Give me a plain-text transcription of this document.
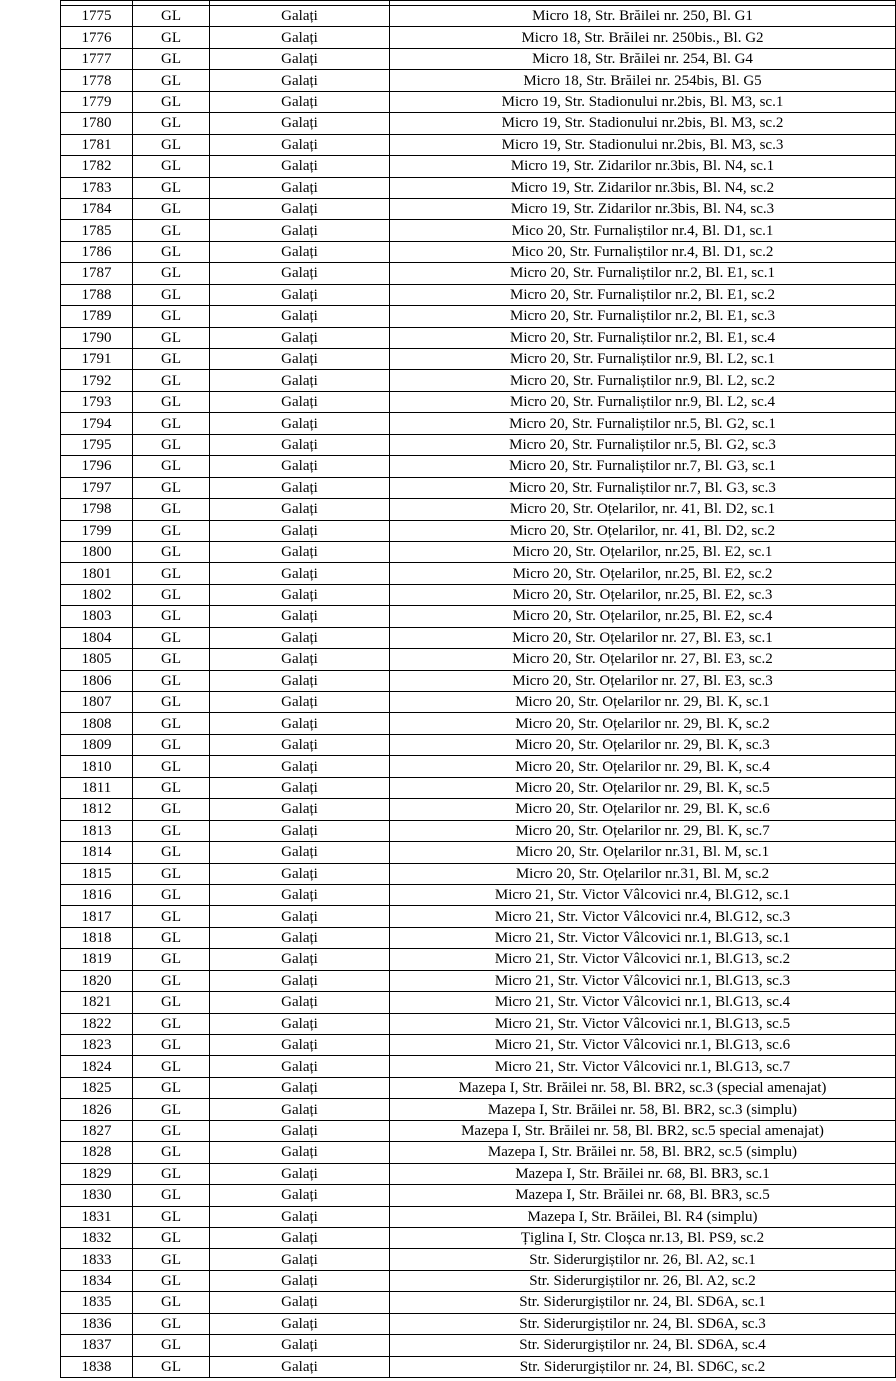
1775	GL	Galați	Micro 18, Str. Brăilei nr. 250, Bl. G1
1776	GL	Galați	Micro 18, Str. Brăilei nr. 250bis., Bl. G2
1777	GL	Galați	Micro 18, Str. Brăilei nr. 254, Bl. G4
1778	GL	Galați	Micro 18, Str. Brăilei nr. 254bis, Bl. G5
1779	GL	Galați	Micro 19, Str. Stadionului nr.2bis, Bl. M3, sc.1
1780	GL	Galați	Micro 19, Str. Stadionului nr.2bis, Bl. M3, sc.2
1781	GL	Galați	Micro 19, Str. Stadionului nr.2bis, Bl. M3, sc.3
1782	GL	Galați	Micro 19, Str. Zidarilor nr.3bis, Bl. N4, sc.1
1783	GL	Galați	Micro 19, Str. Zidarilor nr.3bis, Bl. N4, sc.2
1784	GL	Galați	Micro 19, Str. Zidarilor nr.3bis, Bl. N4, sc.3
1785	GL	Galați	Mico 20, Str. Furnaliștilor nr.4, Bl. D1, sc.1
1786	GL	Galați	Mico 20, Str. Furnaliștilor nr.4, Bl. D1, sc.2
1787	GL	Galați	Micro 20, Str. Furnaliștilor nr.2, Bl. E1, sc.1
1788	GL	Galați	Micro 20, Str. Furnaliștilor nr.2, Bl. E1, sc.2
1789	GL	Galați	Micro 20, Str. Furnaliștilor nr.2, Bl. E1, sc.3
1790	GL	Galați	Micro 20, Str. Furnaliștilor nr.2, Bl. E1, sc.4
1791	GL	Galați	Micro 20, Str. Furnaliștilor nr.9, Bl. L2, sc.1
1792	GL	Galați	Micro 20, Str. Furnaliștilor nr.9, Bl. L2, sc.2
1793	GL	Galați	Micro 20, Str. Furnaliștilor nr.9, Bl. L2, sc.4
1794	GL	Galați	Micro 20, Str. Furnaliștilor nr.5, Bl. G2, sc.1
1795	GL	Galați	Micro 20, Str. Furnaliștilor nr.5, Bl. G2, sc.3
1796	GL	Galați	Micro 20, Str. Furnaliștilor nr.7, Bl. G3, sc.1
1797	GL	Galați	Micro 20, Str. Furnaliștilor nr.7, Bl. G3, sc.3
1798	GL	Galați	Micro 20, Str. Oțelarilor, nr. 41, Bl. D2, sc.1
1799	GL	Galați	Micro 20, Str. Oțelarilor, nr. 41, Bl. D2, sc.2
1800	GL	Galați	Micro 20, Str. Oțelarilor, nr.25, Bl. E2, sc.1
1801	GL	Galați	Micro 20, Str. Oțelarilor, nr.25, Bl. E2, sc.2
1802	GL	Galați	Micro 20, Str. Oțelarilor, nr.25, Bl. E2, sc.3
1803	GL	Galați	Micro 20, Str. Oțelarilor, nr.25, Bl. E2, sc.4
1804	GL	Galați	Micro 20, Str. Oțelarilor nr. 27, Bl. E3, sc.1
1805	GL	Galați	Micro 20, Str. Oțelarilor nr. 27, Bl. E3, sc.2
1806	GL	Galați	Micro 20, Str. Oțelarilor nr. 27, Bl. E3, sc.3
1807	GL	Galați	Micro 20, Str. Oțelarilor nr. 29, Bl. K, sc.1
1808	GL	Galați	Micro 20, Str. Oțelarilor nr. 29, Bl. K, sc.2
1809	GL	Galați	Micro 20, Str. Oțelarilor nr. 29, Bl. K, sc.3
1810	GL	Galați	Micro 20, Str. Oțelarilor nr. 29, Bl. K, sc.4
1811	GL	Galați	Micro 20, Str. Oțelarilor nr. 29, Bl. K, sc.5
1812	GL	Galați	Micro 20, Str. Oțelarilor nr. 29, Bl. K, sc.6
1813	GL	Galați	Micro 20, Str. Oțelarilor nr. 29, Bl. K, sc.7
1814	GL	Galați	Micro 20, Str. Oțelarilor nr.31, Bl. M, sc.1
1815	GL	Galați	Micro 20, Str. Oțelarilor nr.31, Bl. M, sc.2
1816	GL	Galați	Micro 21, Str. Victor Vâlcovici nr.4, Bl.G12, sc.1
1817	GL	Galați	Micro 21, Str. Victor Vâlcovici nr.4, Bl.G12, sc.3
1818	GL	Galați	Micro 21, Str. Victor Vâlcovici nr.1, Bl.G13, sc.1
1819	GL	Galați	Micro 21, Str. Victor Vâlcovici nr.1, Bl.G13, sc.2
1820	GL	Galați	Micro 21, Str. Victor Vâlcovici nr.1, Bl.G13, sc.3
1821	GL	Galați	Micro 21, Str. Victor Vâlcovici nr.1, Bl.G13, sc.4
1822	GL	Galați	Micro 21, Str. Victor Vâlcovici nr.1, Bl.G13, sc.5
1823	GL	Galați	Micro 21, Str. Victor Vâlcovici nr.1, Bl.G13, sc.6
1824	GL	Galați	Micro 21, Str. Victor Vâlcovici nr.1, Bl.G13, sc.7
1825	GL	Galați	Mazepa I, Str. Brăilei nr. 58, Bl. BR2, sc.3 (special amenajat)
1826	GL	Galați	Mazepa I, Str. Brăilei nr. 58, Bl. BR2, sc.3 (simplu)
1827	GL	Galați	Mazepa I, Str. Brăilei nr. 58, Bl. BR2, sc.5 special amenajat)
1828	GL	Galați	Mazepa I, Str. Brăilei nr. 58, Bl. BR2, sc.5 (simplu)
1829	GL	Galați	Mazepa I, Str. Brăilei nr. 68, Bl. BR3, sc.1
1830	GL	Galați	Mazepa I, Str. Brăilei nr. 68, Bl. BR3, sc.5
1831	GL	Galați	Mazepa I, Str. Brăilei, Bl. R4 (simplu)
1832	GL	Galați	Țiglina I, Str. Cloșca nr.13, Bl. PS9, sc.2
1833	GL	Galați	Str. Siderurgiștilor nr. 26, Bl. A2, sc.1
1834	GL	Galați	Str. Siderurgiștilor nr. 26, Bl. A2, sc.2
1835	GL	Galați	Str. Siderurgiștilor nr. 24, Bl. SD6A, sc.1
1836	GL	Galați	Str. Siderurgiștilor nr. 24, Bl. SD6A, sc.3
1837	GL	Galați	Str. Siderurgiștilor nr. 24, Bl. SD6A, sc.4
1838	GL	Galați	Str. Siderurgiștilor nr. 24, Bl. SD6C, sc.2
